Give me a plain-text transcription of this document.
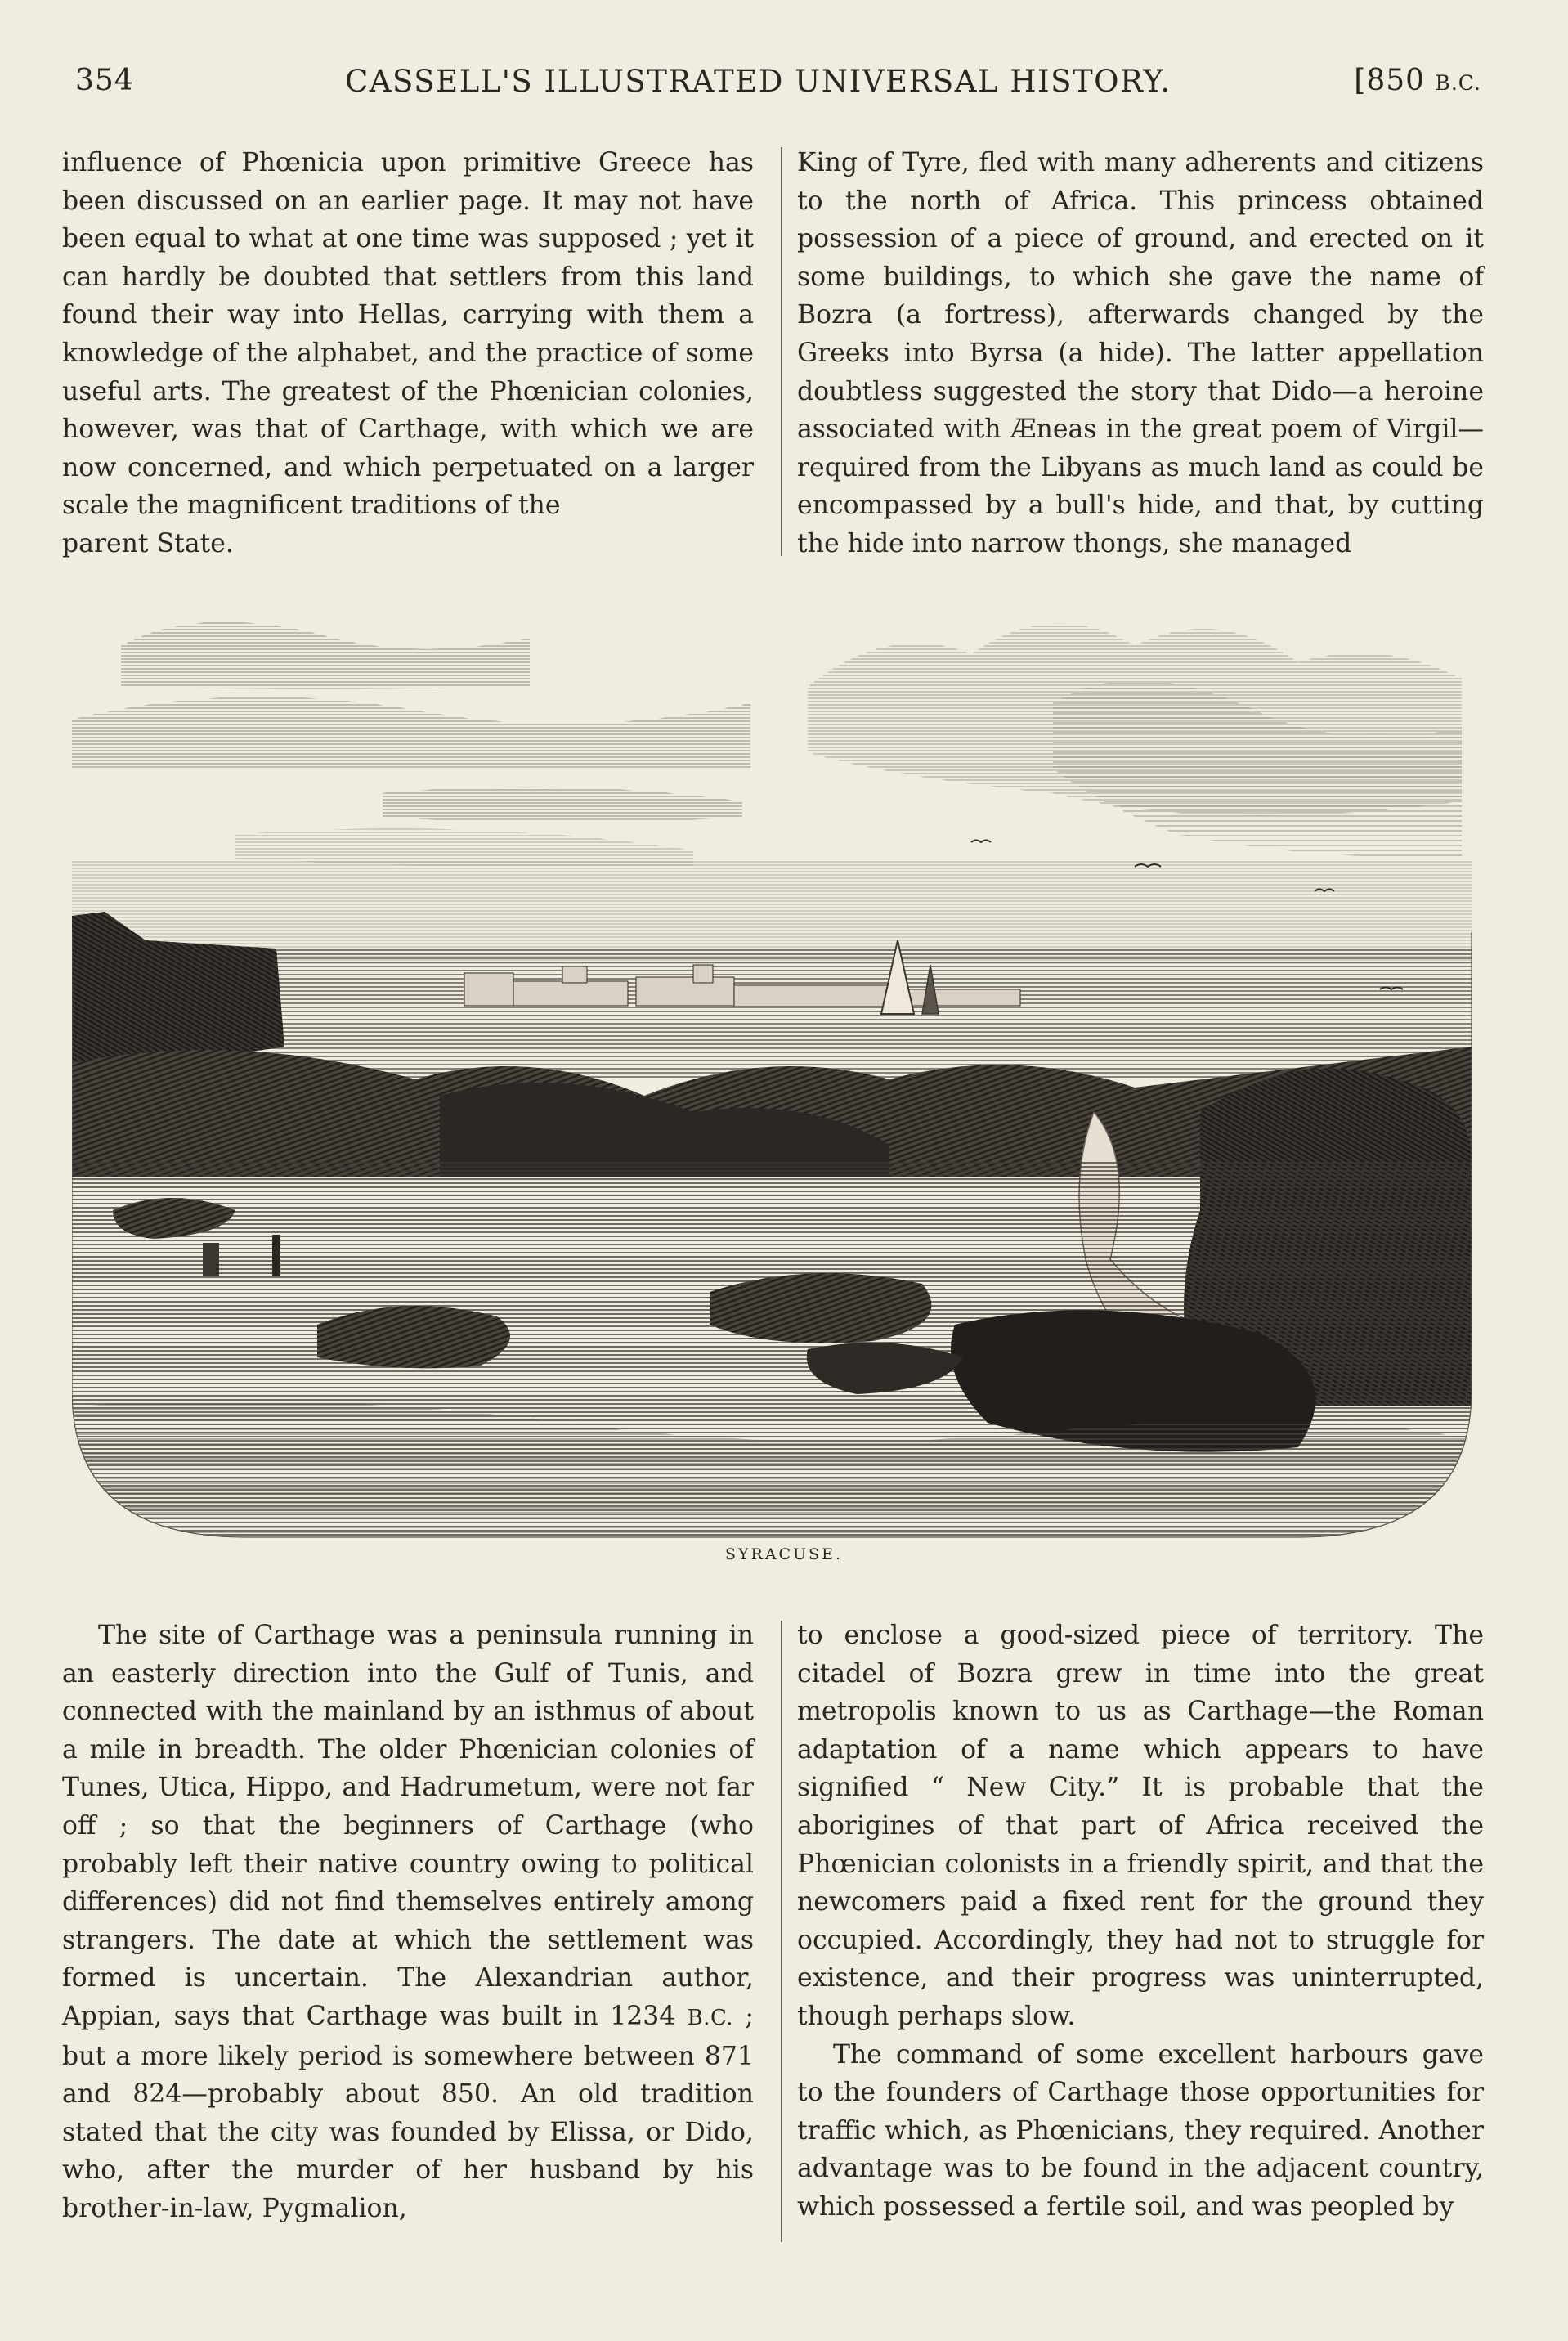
354	CASSELL'S ILLUSTRATED UNIVERSAL HISTORY.	[850 B.C.

influence of Phœnicia upon primitive Greece has been discussed on an earlier page. It may not have been equal to what at one time was supposed ; yet it can hardly be doubted that settlers from this land found their way into Hellas, carrying with them a knowledge of the alphabet, and the practice of some useful arts. The greatest of the Phœnician colonies, however, was that of Carthage, with which we are now concerned, and which perpetuated on a larger scale the magnificent traditions of the

parent State.

King of Tyre, fled with many adherents and citizens to the north of Africa. This princess obtained possession of a piece of ground, and erected on it some buildings, to which she gave the name of Bozra (a fortress), afterwards changed by the Greeks into Byrsa (a hide). The latter appellation doubtless suggested the story that Dido—a heroine associated with Æneas in the great poem of Virgil—required from the Libyans as much land as could be encompassed by a bull's hide, and that, by cutting the hide into narrow thongs, she managed

SYRACUSE.

The site of Carthage was a peninsula running in an easterly direction into the Gulf of Tunis, and connected with the mainland by an isthmus of about a mile in breadth. The older Phœnician colonies of Tunes, Utica, Hippo, and Hadrumetum, were not far off ; so that the beginners of Carthage (who probably left their native country owing to political differences) did not find themselves entirely among strangers. The date at which the settlement was formed is uncertain. The Alexandrian author, Appian, says that Carthage was built in 1234 B.C. ; but a more likely period is somewhere between 871 and 824—probably about 850. An old tradition stated that the city was founded by Elissa, or Dido, who, after the murder of her husband by his brother-in-law, Pygmalion,

to enclose a good-sized piece of territory. The citadel of Bozra grew in time into the great metropolis known to us as Carthage—the Roman adaptation of a name which appears to have signified “ New City.” It is probable that the aborigines of that part of Africa received the Phœnician colonists in a friendly spirit, and that the newcomers paid a fixed rent for the ground they occupied. Accordingly, they had not to struggle for existence, and their progress was uninterrupted, though perhaps slow.

The command of some excellent harbours gave to the founders of Carthage those opportunities for traffic which, as Phœnicians, they required. Another advantage was to be found in the adjacent country, which possessed a fertile soil, and was peopled by
